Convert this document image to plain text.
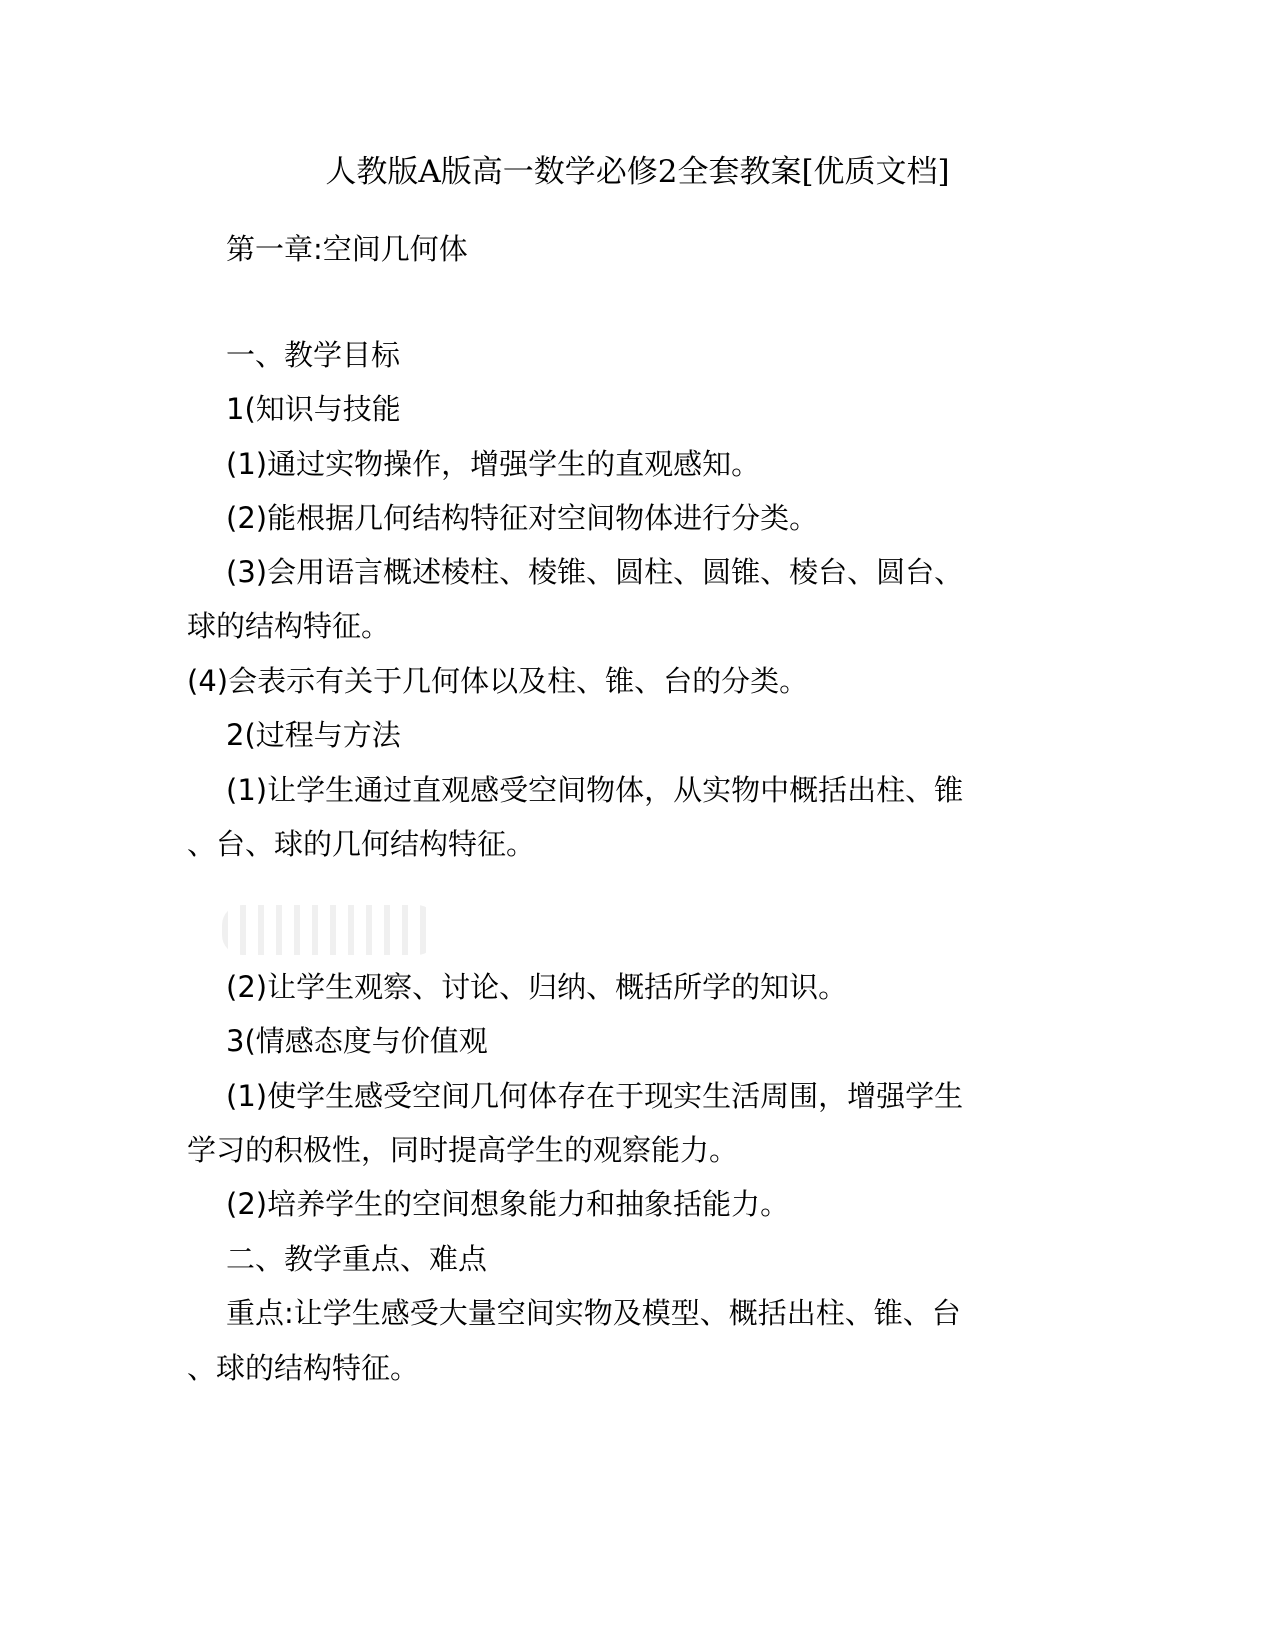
人教版A版高一数学必修2全套教案[优质文档]
第一章:空间几何体
一、教学目标
1(知识与技能
(1)通过实物操作，增强学生的直观感知。
(2)能根据几何结构特征对空间物体进行分类。
(3)会用语言概述棱柱、棱锥、圆柱、圆锥、棱台、圆台、
球的结构特征。
(4)会表示有关于几何体以及柱、锥、台的分类。
2(过程与方法
(1)让学生通过直观感受空间物体，从实物中概括出柱、锥
、台、球的几何结构特征。
(2)让学生观察、讨论、归纳、概括所学的知识。
3(情感态度与价值观
(1)使学生感受空间几何体存在于现实生活周围，增强学生
学习的积极性，同时提高学生的观察能力。
(2)培养学生的空间想象能力和抽象括能力。
二、教学重点、难点
重点:让学生感受大量空间实物及模型、概括出柱、锥、台
、球的结构特征。
